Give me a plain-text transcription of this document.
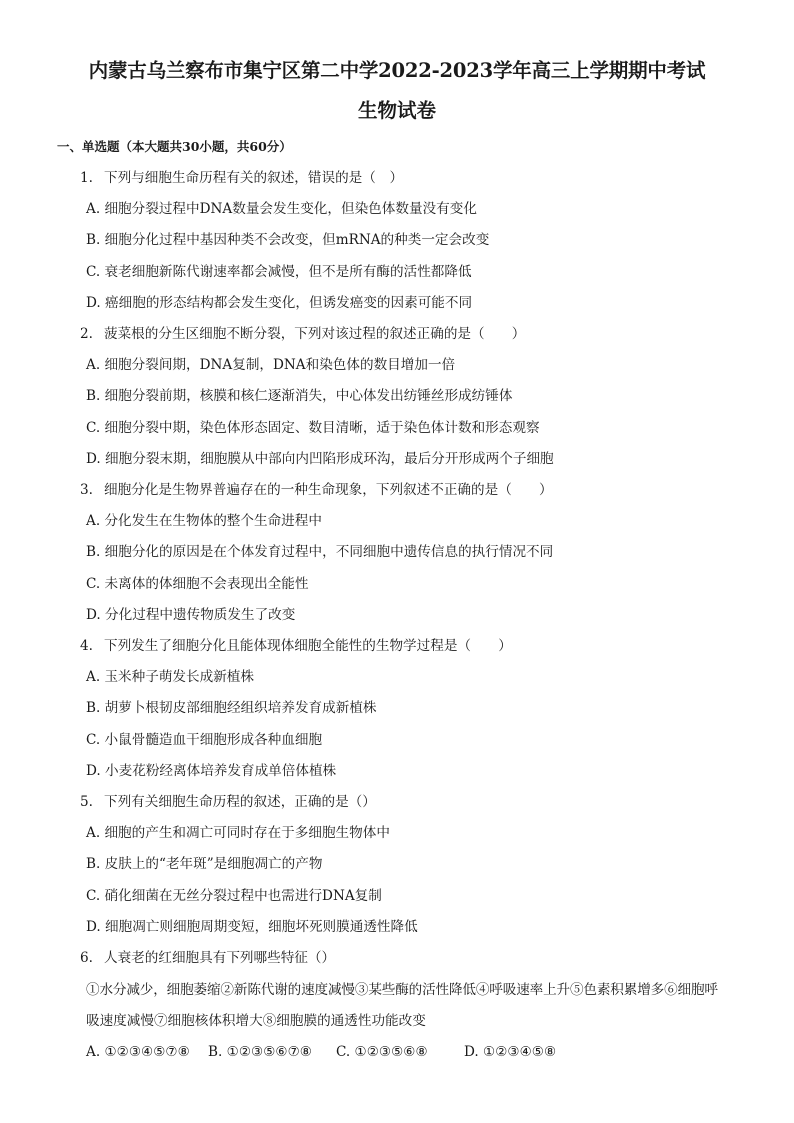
内蒙古乌兰察布市集宁区第二中学2022-2023学年高三上学期期中考试
生物试卷
一、单选题（本大题共30小题，共60分）
1. 下列与细胞生命历程有关的叙述，错误的是（　）
A. 细胞分裂过程中DNA数量会发生变化，但染色体数量没有变化
B. 细胞分化过程中基因种类不会改变，但mRNA的种类一定会改变
C. 衰老细胞新陈代谢速率都会减慢，但不是所有酶的活性都降低
D. 癌细胞的形态结构都会发生变化，但诱发癌变的因素可能不同
2. 菠菜根的分生区细胞不断分裂，下列对该过程的叙述正确的是（　　）
A. 细胞分裂间期，DNA复制，DNA和染色体的数目增加一倍
B. 细胞分裂前期，核膜和核仁逐渐消失，中心体发出纺锤丝形成纺锤体
C. 细胞分裂中期，染色体形态固定、数目清晰，适于染色体计数和形态观察
D. 细胞分裂末期，细胞膜从中部向内凹陷形成环沟，最后分开形成两个子细胞
3. 细胞分化是生物界普遍存在的一种生命现象，下列叙述不正确的是（　　）
A. 分化发生在生物体的整个生命进程中
B. 细胞分化的原因是在个体发育过程中，不同细胞中遗传信息的执行情况不同
C. 未离体的体细胞不会表现出全能性
D. 分化过程中遗传物质发生了改变
4. 下列发生了细胞分化且能体现体细胞全能性的生物学过程是（　　）
A. 玉米种子萌发长成新植株
B. 胡萝卜根韧皮部细胞经组织培养发育成新植株
C. 小鼠骨髓造血干细胞形成各种血细胞
D. 小麦花粉经离体培养发育成单倍体植株
5. 下列有关细胞生命历程的叙述，正确的是（）
A. 细胞的产生和凋亡可同时存在于多细胞生物体中
B. 皮肤上的“老年斑”是细胞凋亡的产物
C. 硝化细菌在无丝分裂过程中也需进行DNA复制
D. 细胞凋亡则细胞周期变短，细胞坏死则膜通透性降低
6. 人衰老的红细胞具有下列哪些特征（）
①水分减少，细胞萎缩②新陈代谢的速度减慢③某些酶的活性降低④呼吸速率上升⑤色素积累增多⑥细胞呼
吸速度减慢⑦细胞核体积增大⑧细胞膜的通透性功能改变
A. ①②③④⑤⑦⑧ B. ①②③⑤⑥⑦⑧ C. ①②③⑤⑥⑧	D. ①②③④⑤⑧
